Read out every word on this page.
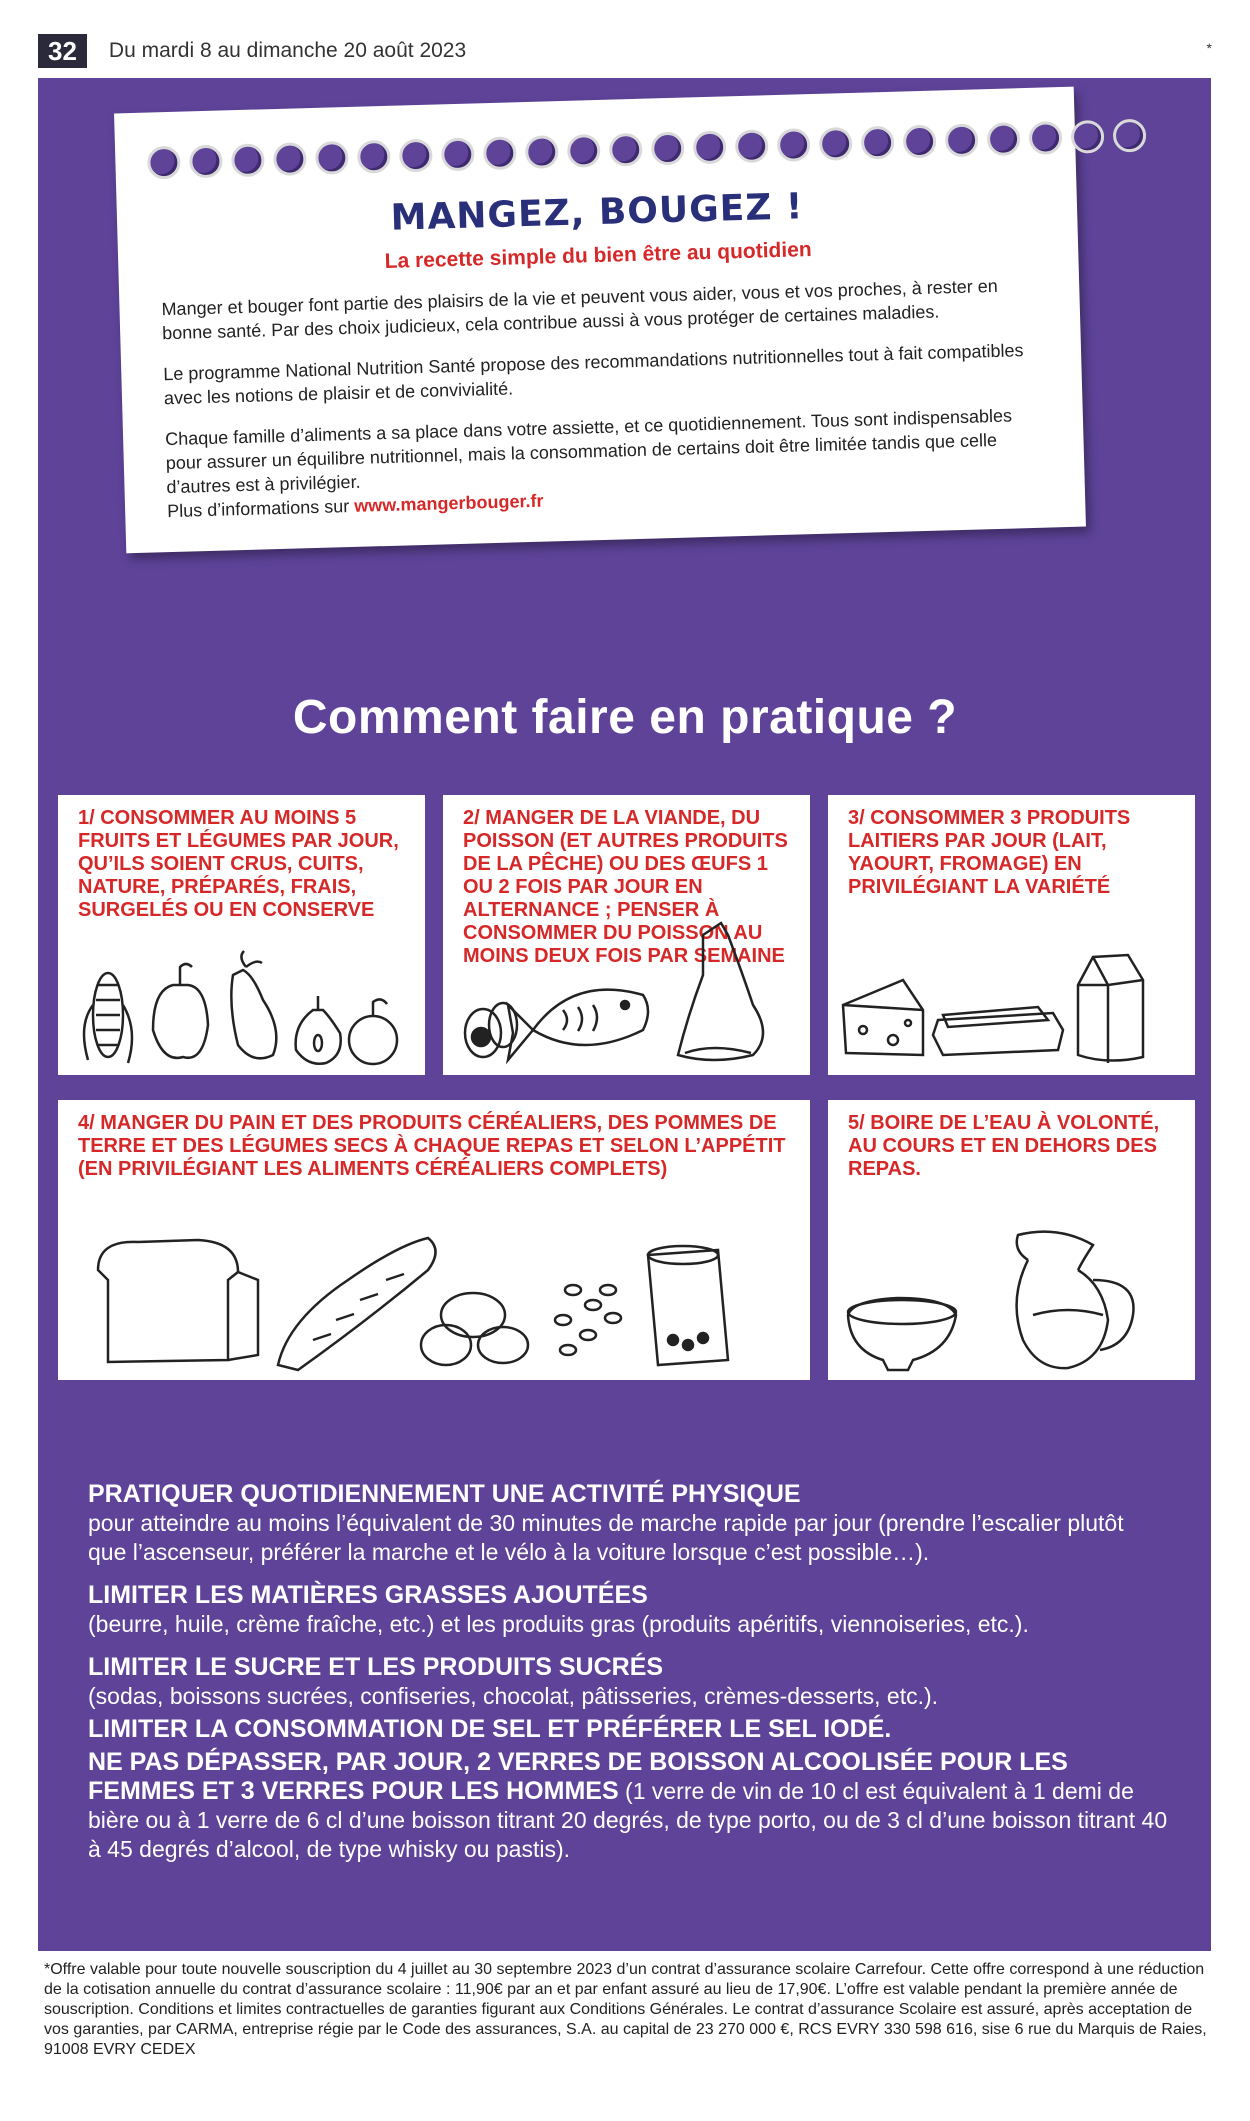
32	Du mardi 8 au dimanche 20 août 2023	*
MANGEZ, BOUGEZ !
La recette simple du bien être au quotidien
Manger et bouger font partie des plaisirs de la vie et peuvent vous aider, vous et vos proches, à rester en bonne santé. Par des choix judicieux, cela contribue aussi à vous protéger de certaines maladies.
Le programme National Nutrition Santé propose des recommandations nutritionnelles tout à fait compatibles avec les notions de plaisir et de convivialité.
Chaque famille d’aliments a sa place dans votre assiette, et ce quotidiennement. Tous sont indispensables pour assurer un équilibre nutritionnel, mais la consommation de certains doit être limitée tandis que celle d’autres est à privilégier.
Plus d’informations sur www.mangerbouger.fr
Comment faire en pratique ?
1/ CONSOMMER AU MOINS 5 FRUITS ET LÉGUMES PAR JOUR, QU’ILS SOIENT CRUS, CUITS, NATURE, PRÉPARÉS, FRAIS, SURGELÉS OU EN CONSERVE
2/ MANGER DE LA VIANDE, DU POISSON (ET AUTRES PRODUITS DE LA PÊCHE) OU DES ŒUFS 1 OU 2 FOIS PAR JOUR EN ALTERNANCE ; PENSER À CONSOMMER DU POISSON AU MOINS DEUX FOIS PAR SEMAINE
3/ CONSOMMER 3 PRODUITS LAITIERS PAR JOUR (LAIT, YAOURT, FROMAGE) EN PRIVILÉGIANT LA VARIÉTÉ
4/ MANGER DU PAIN ET DES PRODUITS CÉRÉALIERS, DES POMMES DE TERRE ET DES LÉGUMES SECS À CHAQUE REPAS ET SELON L’APPÉTIT (EN PRIVILÉGIANT LES ALIMENTS CÉRÉALIERS COMPLETS)
5/ BOIRE DE L’EAU À VOLONTÉ, AU COURS ET EN DEHORS DES REPAS.
PRATIQUER QUOTIDIENNEMENT UNE ACTIVITÉ PHYSIQUE
pour atteindre au moins l’équivalent de 30 minutes de marche rapide par jour (prendre l’escalier plutôt que l’ascenseur, préférer la marche et le vélo à la voiture lorsque c’est possible…).
LIMITER LES MATIÈRES GRASSES AJOUTÉES
(beurre, huile, crème fraîche, etc.) et les produits gras (produits apéritifs, viennoiseries, etc.).
LIMITER LE SUCRE ET LES PRODUITS SUCRÉS
(sodas, boissons sucrées, confiseries, chocolat, pâtisseries, crèmes-desserts, etc.).
LIMITER LA CONSOMMATION DE SEL ET PRÉFÉRER LE SEL IODÉ.
NE PAS DÉPASSER, PAR JOUR, 2 VERRES DE BOISSON ALCOOLISÉE POUR LES FEMMES ET 3 VERRES POUR LES HOMMES (1 verre de vin de 10 cl est équivalent à 1 demi de bière ou à 1 verre de 6 cl d’une boisson titrant 20 degrés, de type porto, ou de 3 cl d’une boisson titrant 40 à 45 degrés d’alcool, de type whisky ou pastis).
*Offre valable pour toute nouvelle souscription du 4 juillet au 30 septembre 2023 d’un contrat d’assurance scolaire Carrefour. Cette offre correspond à une réduction de la cotisation annuelle du contrat d’assurance scolaire : 11,90€ par an et par enfant assuré au lieu de 17,90€. L’offre est valable pendant la première année de souscription. Conditions et limites contractuelles de garanties figurant aux Conditions Générales. Le contrat d’assurance Scolaire est assuré, après acceptation de vos garanties, par CARMA, entreprise régie par le Code des assurances, S.A. au capital de 23 270 000 €, RCS EVRY 330 598 616, sise 6 rue du Marquis de Raies, 91008 EVRY CEDEX
